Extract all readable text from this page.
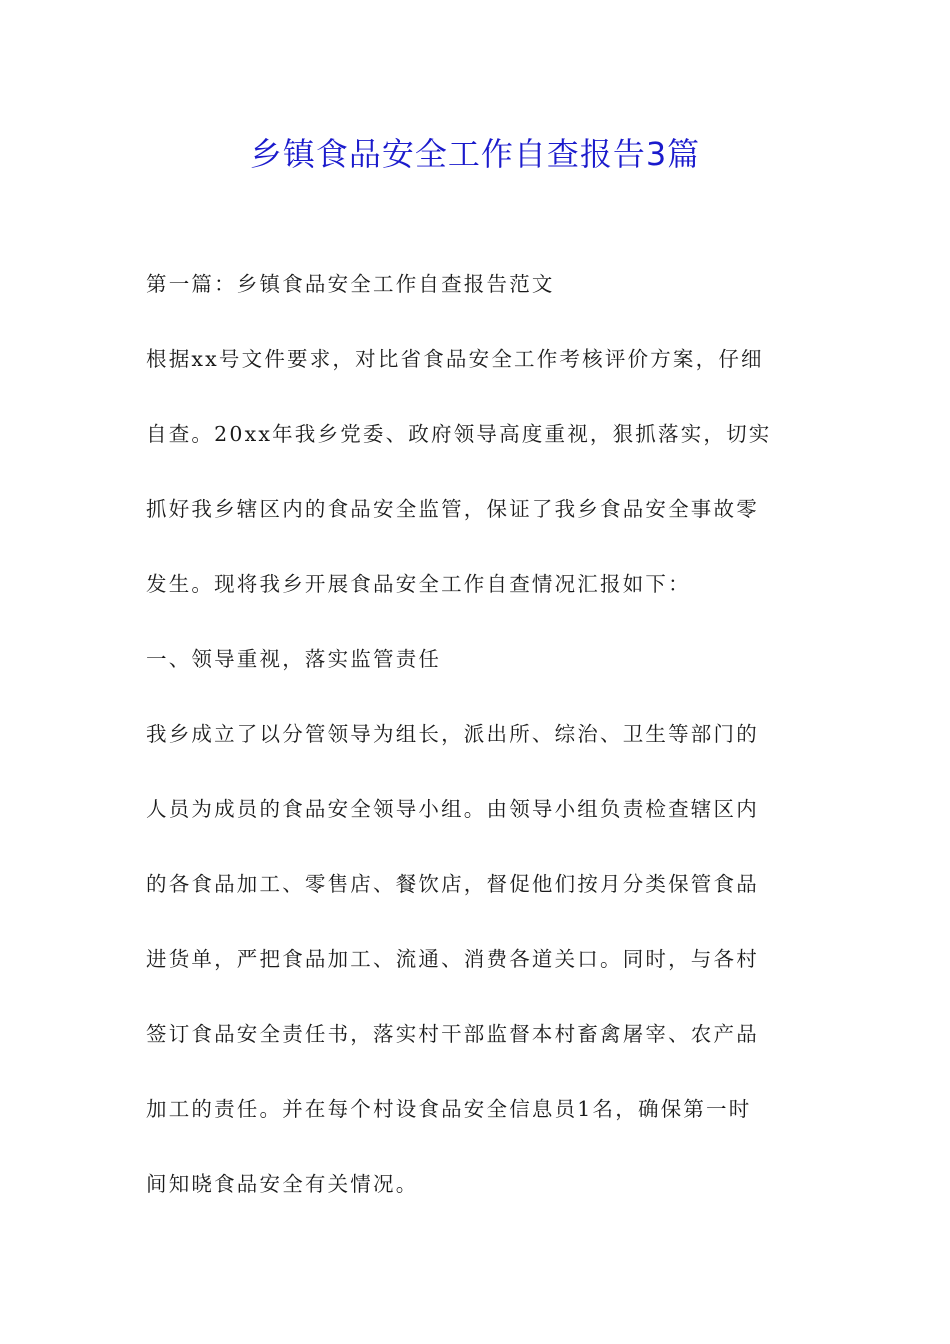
乡镇食品安全工作自查报告3篇
第一篇：乡镇食品安全工作自查报告范文
根据xx号文件要求，对比省食品安全工作考核评价方案，仔细
自查。20xx年我乡党委、政府领导高度重视，狠抓落实，切实
抓好我乡辖区内的食品安全监管，保证了我乡食品安全事故零
发生。现将我乡开展食品安全工作自查情况汇报如下：
一、领导重视，落实监管责任
我乡成立了以分管领导为组长，派出所、综治、卫生等部门的
人员为成员的食品安全领导小组。由领导小组负责检查辖区内
的各食品加工、零售店、餐饮店，督促他们按月分类保管食品
进货单，严把食品加工、流通、消费各道关口。同时，与各村
签订食品安全责任书，落实村干部监督本村畜禽屠宰、农产品
加工的责任。并在每个村设食品安全信息员1名，确保第一时
间知晓食品安全有关情况。
